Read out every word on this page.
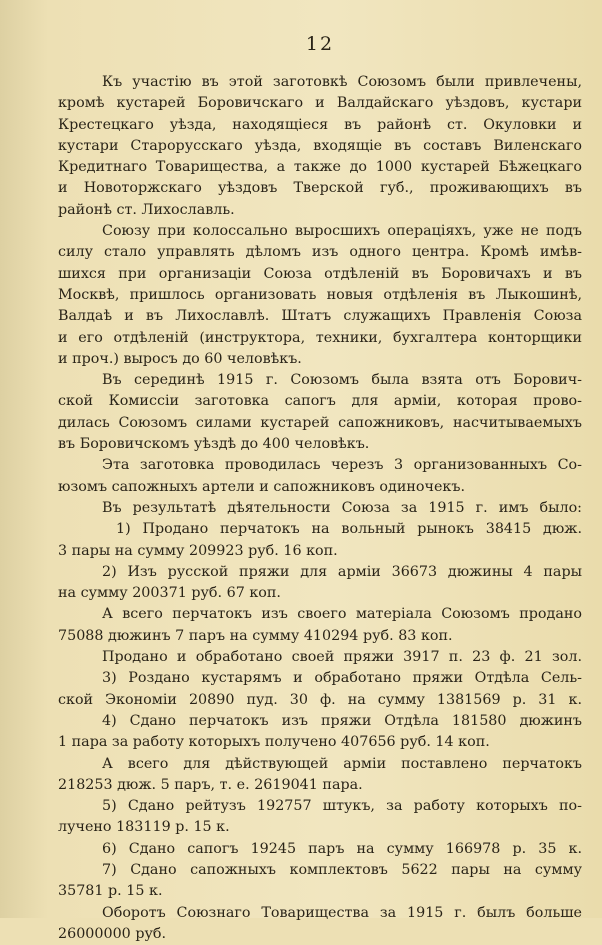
12
Къ участію въ этой заготовкѣ Союзомъ были привлечены,
кромѣ кустарей Боровичскаго и Валдайскаго уѣздовъ, кустари
Крестецкаго уѣзда, находящіеся въ районѣ ст. Окуловки и
кустари Старорусскаго уѣзда, входящіе въ составъ Виленскаго
Кредитнаго Товарищества, а также до 1000 кустарей Бѣжецкаго
и Новоторжскаго уѣздовъ Тверской губ., проживающихъ въ
районѣ ст. Лихославль.
Союзу при колоссально выросшихъ операціяхъ, уже не подъ
силу стало управлять дѣломъ изъ одного центра. Кромѣ имѣв-
шихся при организаціи Союза отдѣленій въ Боровичахъ и въ
Москвѣ, пришлось организовать новыя отдѣленія въ Лыкошинѣ,
Валдаѣ и въ Лихославлѣ. Штатъ служащихъ Правленія Союза
и его отдѣленій (инструктора, техники, бухгалтера конторщики
и проч.) выросъ до 60 человѣкъ.
Въ серединѣ 1915 г. Союзомъ была взята отъ Борович-
ской Комиссіи заготовка сапогъ для арміи, которая прово-
дилась Союзомъ силами кустарей сапожниковъ, насчитываемыхъ
въ Боровичскомъ уѣздѣ до 400 человѣкъ.
Эта заготовка проводилась черезъ 3 организованныхъ Со-
юзомъ сапожныхъ артели и сапожниковъ одиночекъ.
Въ результатѣ дѣятельности Союза за 1915 г. имъ было:
1) Продано перчатокъ на вольный рынокъ 38415 дюж.
3 пары на сумму 209923 руб. 16 коп.
2) Изъ русской пряжи для арміи 36673 дюжины 4 пары
на сумму 200371 руб. 67 коп.
А всего перчатокъ изъ своего матеріала Союзомъ продано
75088 дюжинъ 7 паръ на сумму 410294 руб. 83 коп.
Продано и обработано своей пряжи 3917 п. 23 ф. 21 зол.
3) Розданo кустарямъ и обработано пряжи Отдѣла Сель-
ской Экономіи 20890 пуд. 30 ф. на сумму 1381569 р. 31 к.
4) Сдано перчатокъ изъ пряжи Отдѣла 181580 дюжинъ
1 пара за работу которыхъ получено 407656 руб. 14 коп.
А всего для дѣйствующей арміи поставлено перчатокъ
218253 дюж. 5 паръ, т. е. 2619041 пара.
5) Сдано рейтузъ 192757 штукъ, за работу которыхъ по-
лучено 183119 р. 15 к.
6) Сдано сапогъ 19245 паръ на сумму 166978 р. 35 к.
7) Сдано сапожныхъ комплектовъ 5622 пары на сумму
35781 р. 15 к.
Оборотъ Союзнаго Товарищества за 1915 г. былъ больше
26000000 руб.
